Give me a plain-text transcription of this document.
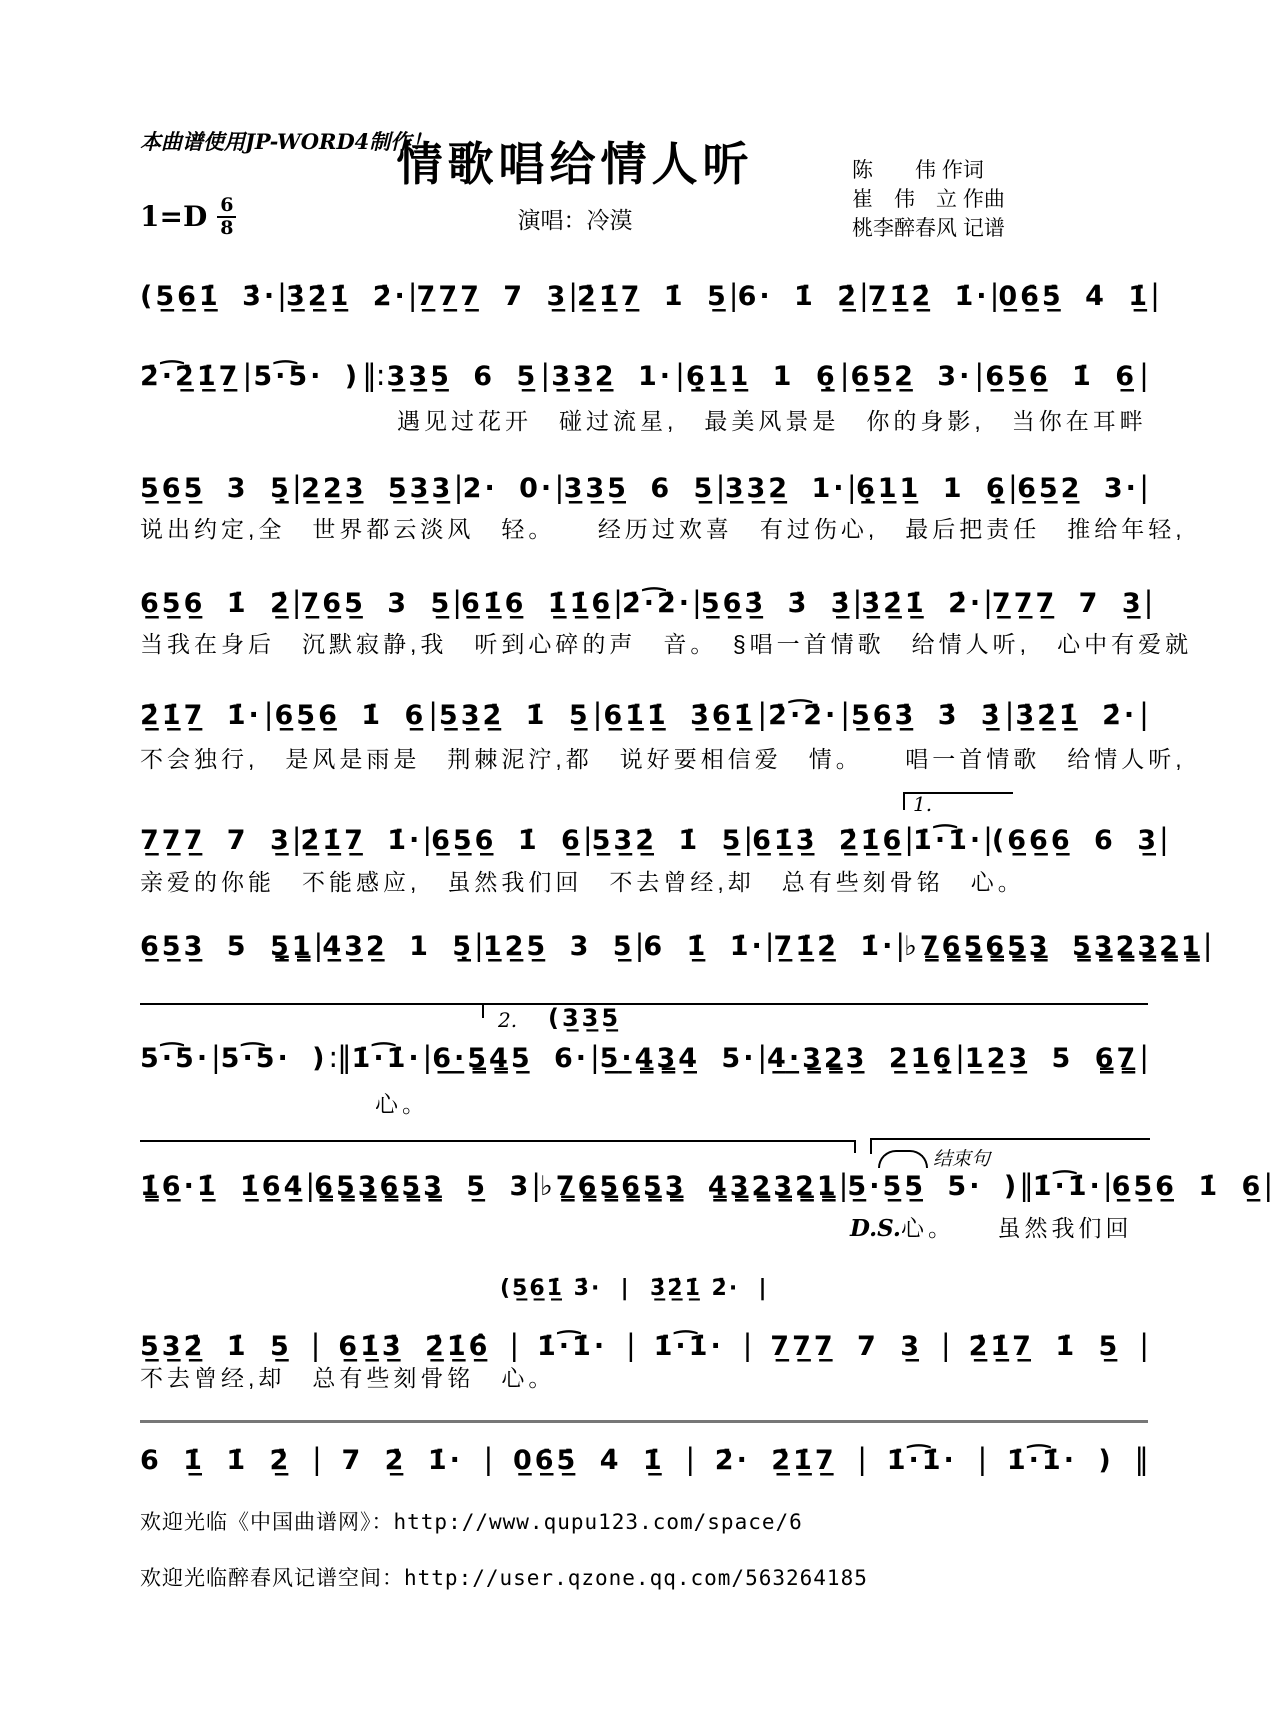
本曲谱使用JP-WORD4制作！
情歌唱给情人听
演唱：冷漠
陈　　伟 作词
崔　伟　立 作曲
桃李醉春风 记谱
$1=D \frac{6}{8}$
(5̲6̲1̲̇ 3̇· | 3̲̇2̲̇1̲̇ 2̇· | 7̲7̲7̲ 7 3̲ | 2̲̇1̲̇7̲ 1̇ 5̲ | 6· 1̇ 2̲̇ | 7̲1̲̇2̲̇ 1̇· | 0̲6̲̇5̲̇ 4̇ 1̲̇ |
2̇·͡2̲̇1̲̇7̲ | 5·͡5· ) ‖: 3̲3̲5̲ 6 5̲ | 3̲3̲2̲ 1· | 6̣̲1̲1̲ 1 6̣̲ | 6̲5̲2̲ 3· | 6̲5̲6̲ 1̇ 6̲ |
遇见过花开　碰过流星,　最美风景是　你的身影,　当你在耳畔
5̲6̲5̲ 3 5̣̲ | 2̲2̲3̲ 5̲3̲3̲ | 2· 0· | 3̲3̲5̲ 6 5̲ | 3̲3̲2̲ 1· | 6̣̲1̲1̲ 1 6̣̲ | 6̲5̲2̲ 3· |
说出约定,全　世界都云淡风　轻。　　经历过欢喜　有过伤心,　最后把责任　推给年轻,
6̲5̲6̲ 1̇ 2̲̇ | 7̲6̲5̲ 3 5̲ | 6̲1̲̇6̲ 1̲̇1̲̇6̲ | 2̇·͡2̇· | 5̲6̲3̲̇ 3̇ 3̲̇ | 3̲̇2̲̇1̲̇ 2̇· | 7̲7̲7̲ 7 3̲ |
当我在身后　沉默寂静,我　听到心碎的声　音。　§唱一首情歌　给情人听,　心中有爱就
2̲̇1̲̇7̲ 1̇· | 6̲5̲6̲ 1̇ 6̲ | 5̲3̲2̲̇ 1̇ 5̲ | 6̲1̲̇1̲̇ 3̲̇6̲1̲̇ | 2̇·͡2̇· | 5̲6̲3̲̇ 3̇ 3̲̇ | 3̲̇2̲̇1̲̇ 2̇· |
不会独行,　是风是雨是　荆棘泥泞,都　说好要相信爱　情。　　唱一首情歌　给情人听,
7̲7̲7̲ 7 3̲ | 2̲̇1̲̇7̲ 1̇· | 6̲5̲6̲ 1̇ 6̲ | 5̲3̲2̲̇ 1̇ 5̲ | 6̲1̲̇3̲̇ 2̲̇1̲̇6̲ | 1̇·͡1̇· | (6̲6̲6̲ 6 3̲ |
亲爱的你能　不能感应,　虽然我们回　不去曾经,却　总有些刻骨铭　心。
6̲5̲3̲ 5 5̣̳1̳ | 4̲3̲2̲ 1 5̣̲ | 1̲2̲5̲ 3 5̲ | 6 1̲̇ 1̇· | 7̲1̲̇2̲̇ 1̇· | ♭7̳6̳5̳6̳5̳3̳ 5̳3̳2̳3̳2̳1̳ |
5·͡5· | 5·͡5· ) :‖ 1̇·͡1̇· | 6̲·̲5̳4̳5̲ 6· | 5̲·̲4̳3̳4̲ 5· | 4̲·̲3̳2̳3̲ 2̲1̲6̣̲ | 1̲2̲3̲ 5 6̳7̳ |
心。
1̳̇6̲·1̲̇ 1̲̇6̲4̲ | 6̳5̳3̳6̳5̳3̳ 5̲ 3 | ♭7̳6̳5̳6̳5̳3̳ 4̳3̳2̳3̳2̳1̳ | 5̲·5̲5̲ 5· ) ‖ 1̇·͡1̇· | 6̲5̲6̲ 1̇ 6̲ |
D.S.心。　　虽然我们回
5̲3̲2̲̇ 1̇ 5̲ | 6̲1̲̇3̲̇ 2̲̇1̲̇6̲̂ | 1̇·͡1̇· | 1̇·͡1̇· | 7̲7̲7̲ 7 3̲ | 2̲̇1̲̇7̲ 1̇ 5̲ |
不去曾经,却　总有些刻骨铭　心。
6 1̲̇ 1̇ 2̲̇ | 7 2̲̇ 1̇· | 0̲6̲̇5̲̇ 4̇ 1̲̇ | 2̇· 2̲̇1̲̇7̲ | 1̇·͡1̇· | 1̇·͡1̇· ) ‖
1.
2. (3̲3̲5̲
结束句
(5̲6̲1̲̇ 3̇·  |  3̲̇2̲̇1̲̇ 2̇·  |
欢迎光临《中国曲谱网》：http://www.qupu123.com/space/6
欢迎光临醉春风记谱空间：http://user.qzone.qq.com/563264185
